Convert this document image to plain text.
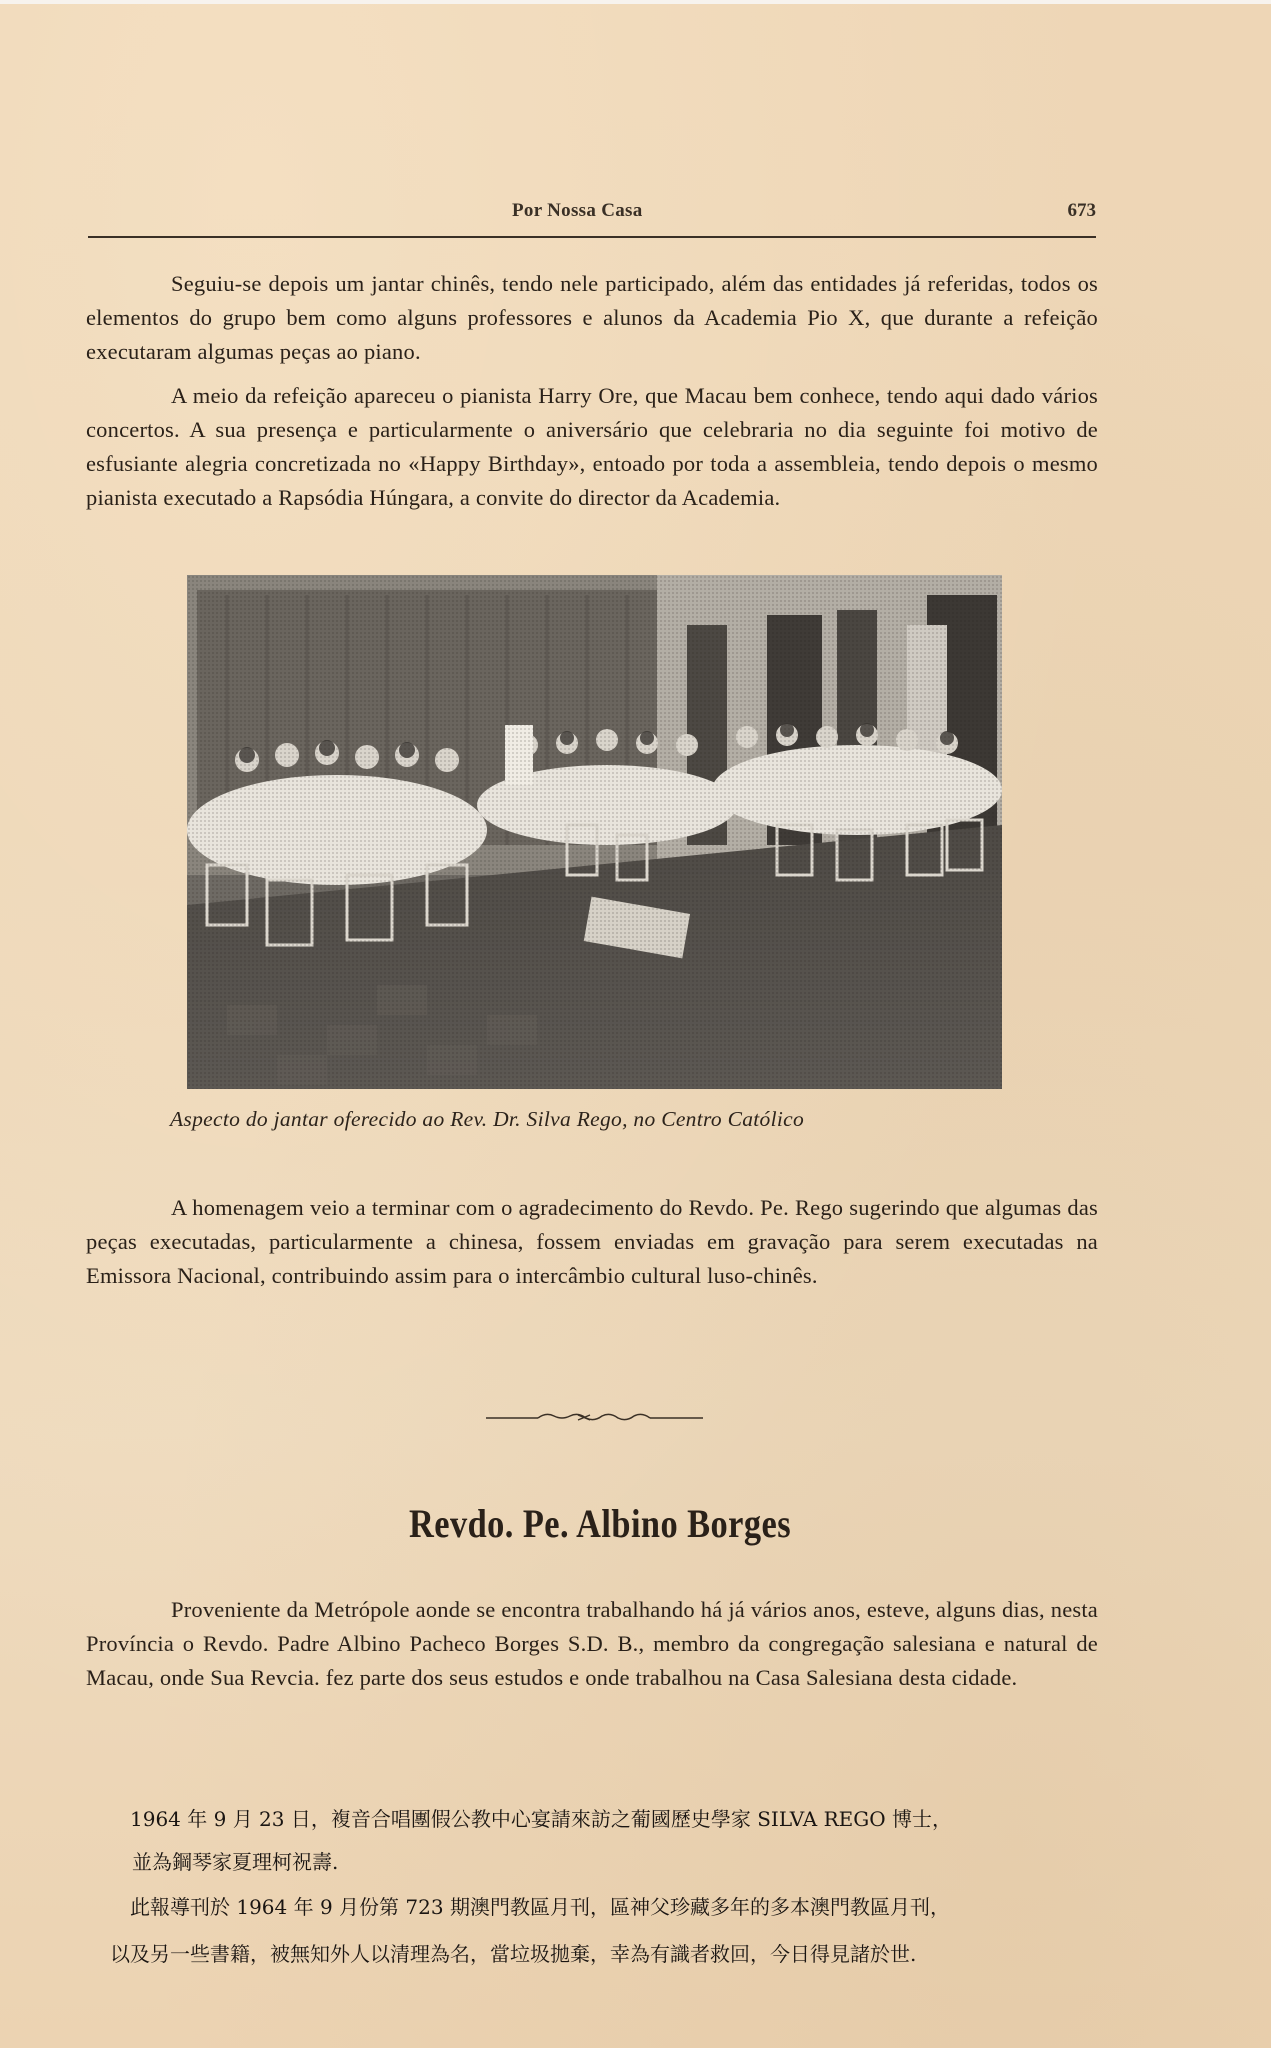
Por Nossa Casa	673

Seguiu-se depois um jantar chinês, tendo nele participado, além das entidades já referidas, todos os elementos do grupo bem como alguns professores e alunos da Academia Pio X, que durante a refeição executaram algumas peças ao piano.

A meio da refeição apareceu o pianista Harry Ore, que Macau bem conhece, tendo aqui dado vários concertos. A sua presença e particularmente o aniversário que celebraria no dia seguinte foi motivo de esfusiante alegria concretizada no «Happy Birthday», entoado por toda a assembleia, tendo depois o mesmo pianista executado a Rapsódia Húngara, a convite do director da Academia.

Aspecto do jantar oferecido ao Rev. Dr. Silva Rego, no Centro Católico

A homenagem veio a terminar com o agradecimento do Revdo. Pe. Rego sugerindo que algumas das peças executadas, particularmente a chinesa, fossem enviadas em gravação para serem executadas na Emissora Nacional, contribuindo assim para o intercâmbio cultural luso-chinês.

Revdo. Pe. Albino Borges

Proveniente da Metrópole aonde se encontra trabalhando há já vários anos, esteve, alguns dias, nesta Província o Revdo. Padre Albino Pacheco Borges S.D. B., membro da congregação salesiana e natural de Macau, onde Sua Revcia. fez parte dos seus estudos e onde trabalhou na Casa Salesiana desta cidade.

1964 年 9 月 23 日，複音合唱團假公教中心宴請來訪之葡國歷史學家 SILVA REGO 博士，
並為鋼琴家夏理柯祝壽.
此報導刊於 1964 年 9 月份第 723 期澳門教區月刊，區神父珍藏多年的多本澳門教區月刊，
以及另一些書籍，被無知外人以清理為名，當垃圾拋棄，幸為有識者救回，今日得見諸於世.
